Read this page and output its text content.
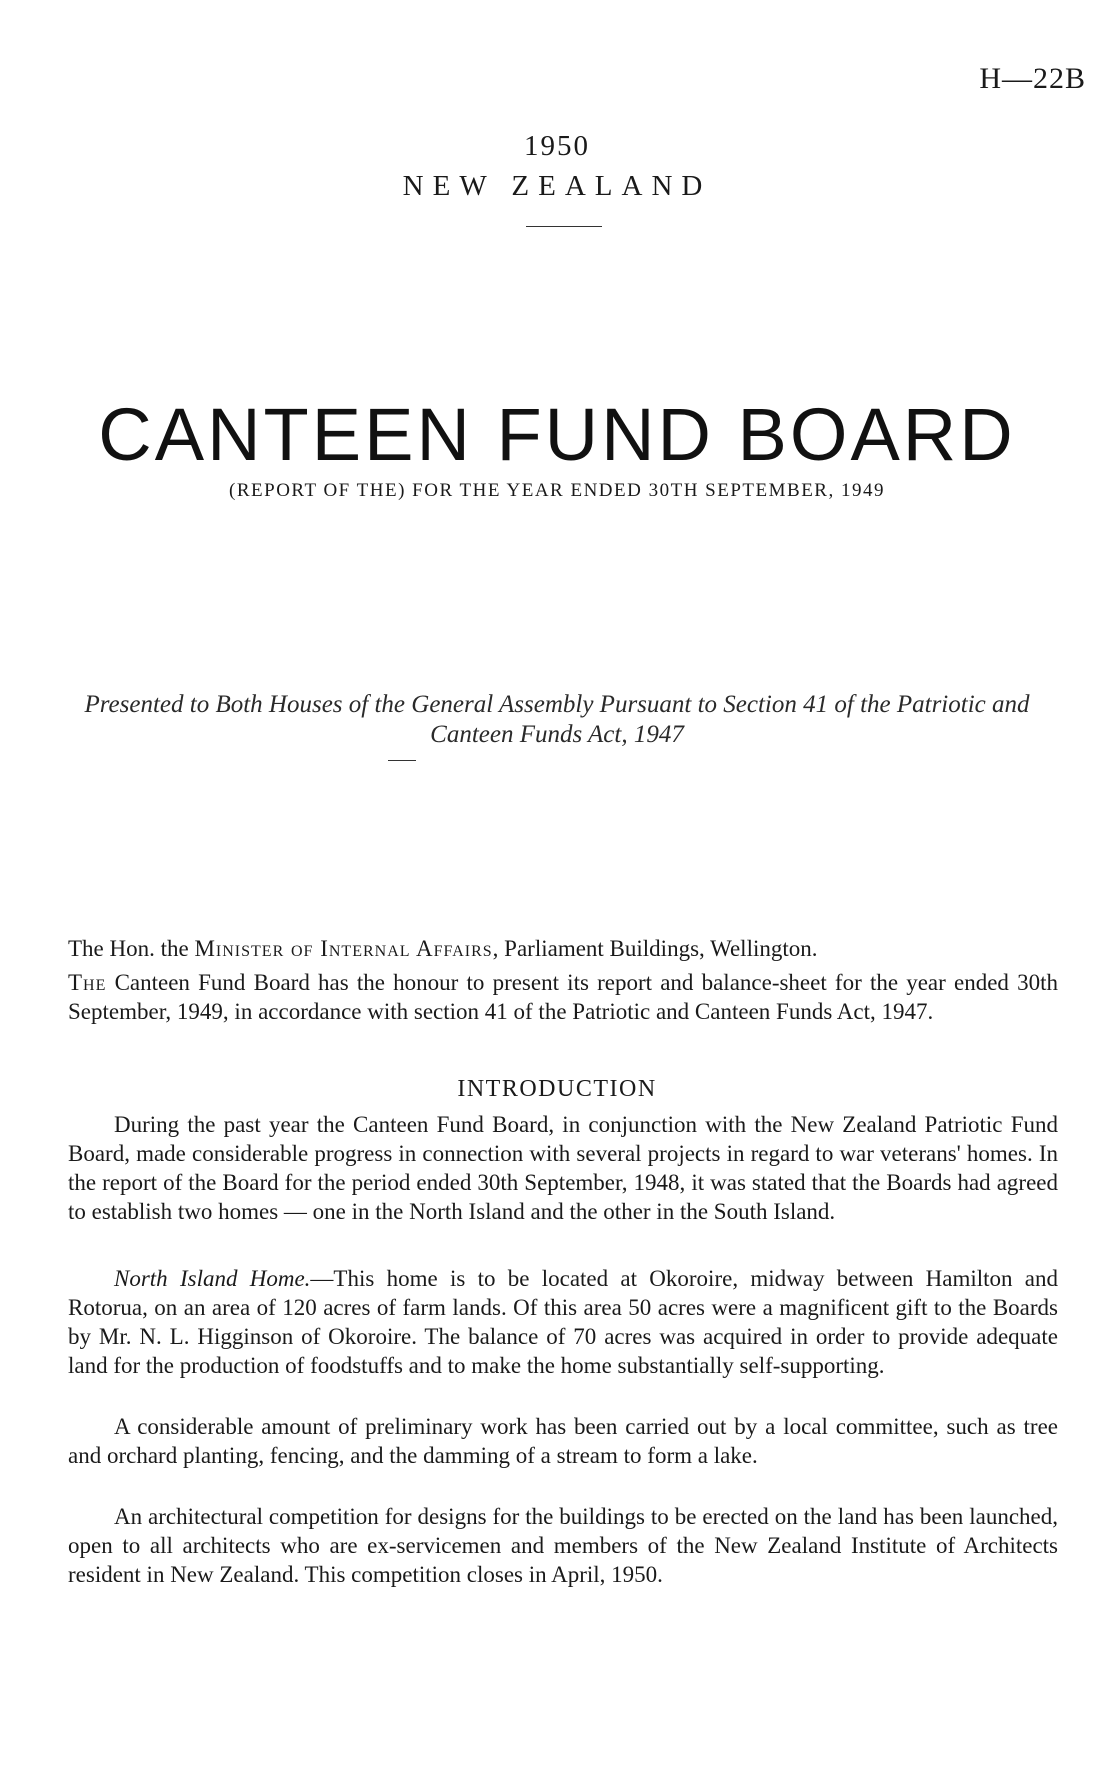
H—22B
1950
NEW ZEALAND
CANTEEN FUND BOARD
(REPORT OF THE) FOR THE YEAR ENDED 30TH SEPTEMBER, 1949
Presented to Both Houses of the General Assembly Pursuant to Section 41 of the Patriotic and Canteen Funds Act, 1947
The Hon. the Minister of Internal Affairs, Parliament Buildings, Wellington.
The Canteen Fund Board has the honour to present its report and balance-sheet for the year ended 30th September, 1949, in accordance with section 41 of the Patriotic and Canteen Funds Act, 1947.
INTRODUCTION
During the past year the Canteen Fund Board, in conjunction with the New Zealand Patriotic Fund Board, made considerable progress in connection with several projects in regard to war veterans' homes. In the report of the Board for the period ended 30th September, 1948, it was stated that the Boards had agreed to establish two homes — one in the North Island and the other in the South Island.
North Island Home.—This home is to be located at Okoroire, midway between Hamilton and Rotorua, on an area of 120 acres of farm lands. Of this area 50 acres were a magnificent gift to the Boards by Mr. N. L. Higginson of Okoroire. The balance of 70 acres was acquired in order to provide adequate land for the production of foodstuffs and to make the home substantially self-supporting.
A considerable amount of preliminary work has been carried out by a local committee, such as tree and orchard planting, fencing, and the damming of a stream to form a lake.
An architectural competition for designs for the buildings to be erected on the land has been launched, open to all architects who are ex-servicemen and members of the New Zealand Institute of Architects resident in New Zealand. This competition closes in April, 1950.
